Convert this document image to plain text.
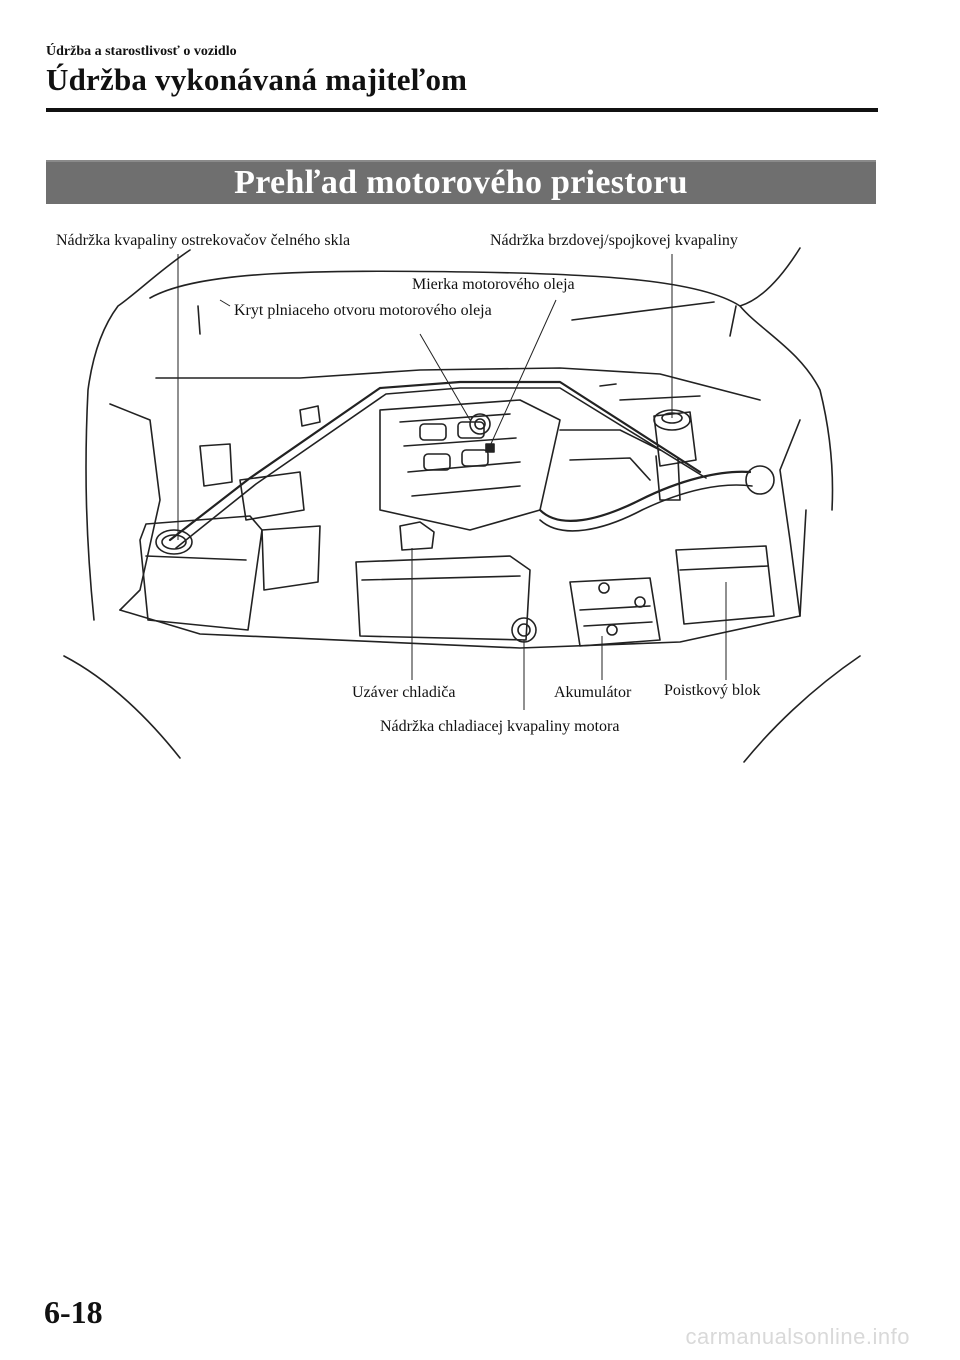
Údržba a starostlivosť o vozidlo
Údržba vykonávaná majiteľom
Prehľad motorového priestoru
Nádržka kvapaliny ostrekovačov čelného skla	Nádržka brzdovej/spojkovej kvapaliny
Mierka motorového oleja
Kryt plniaceho otvoru motorového oleja
Uzáver chladiča	Akumulátor Poistkový blok
Nádržka chladiacej kvapaliny motora
6-18
carmanualsonline.info
